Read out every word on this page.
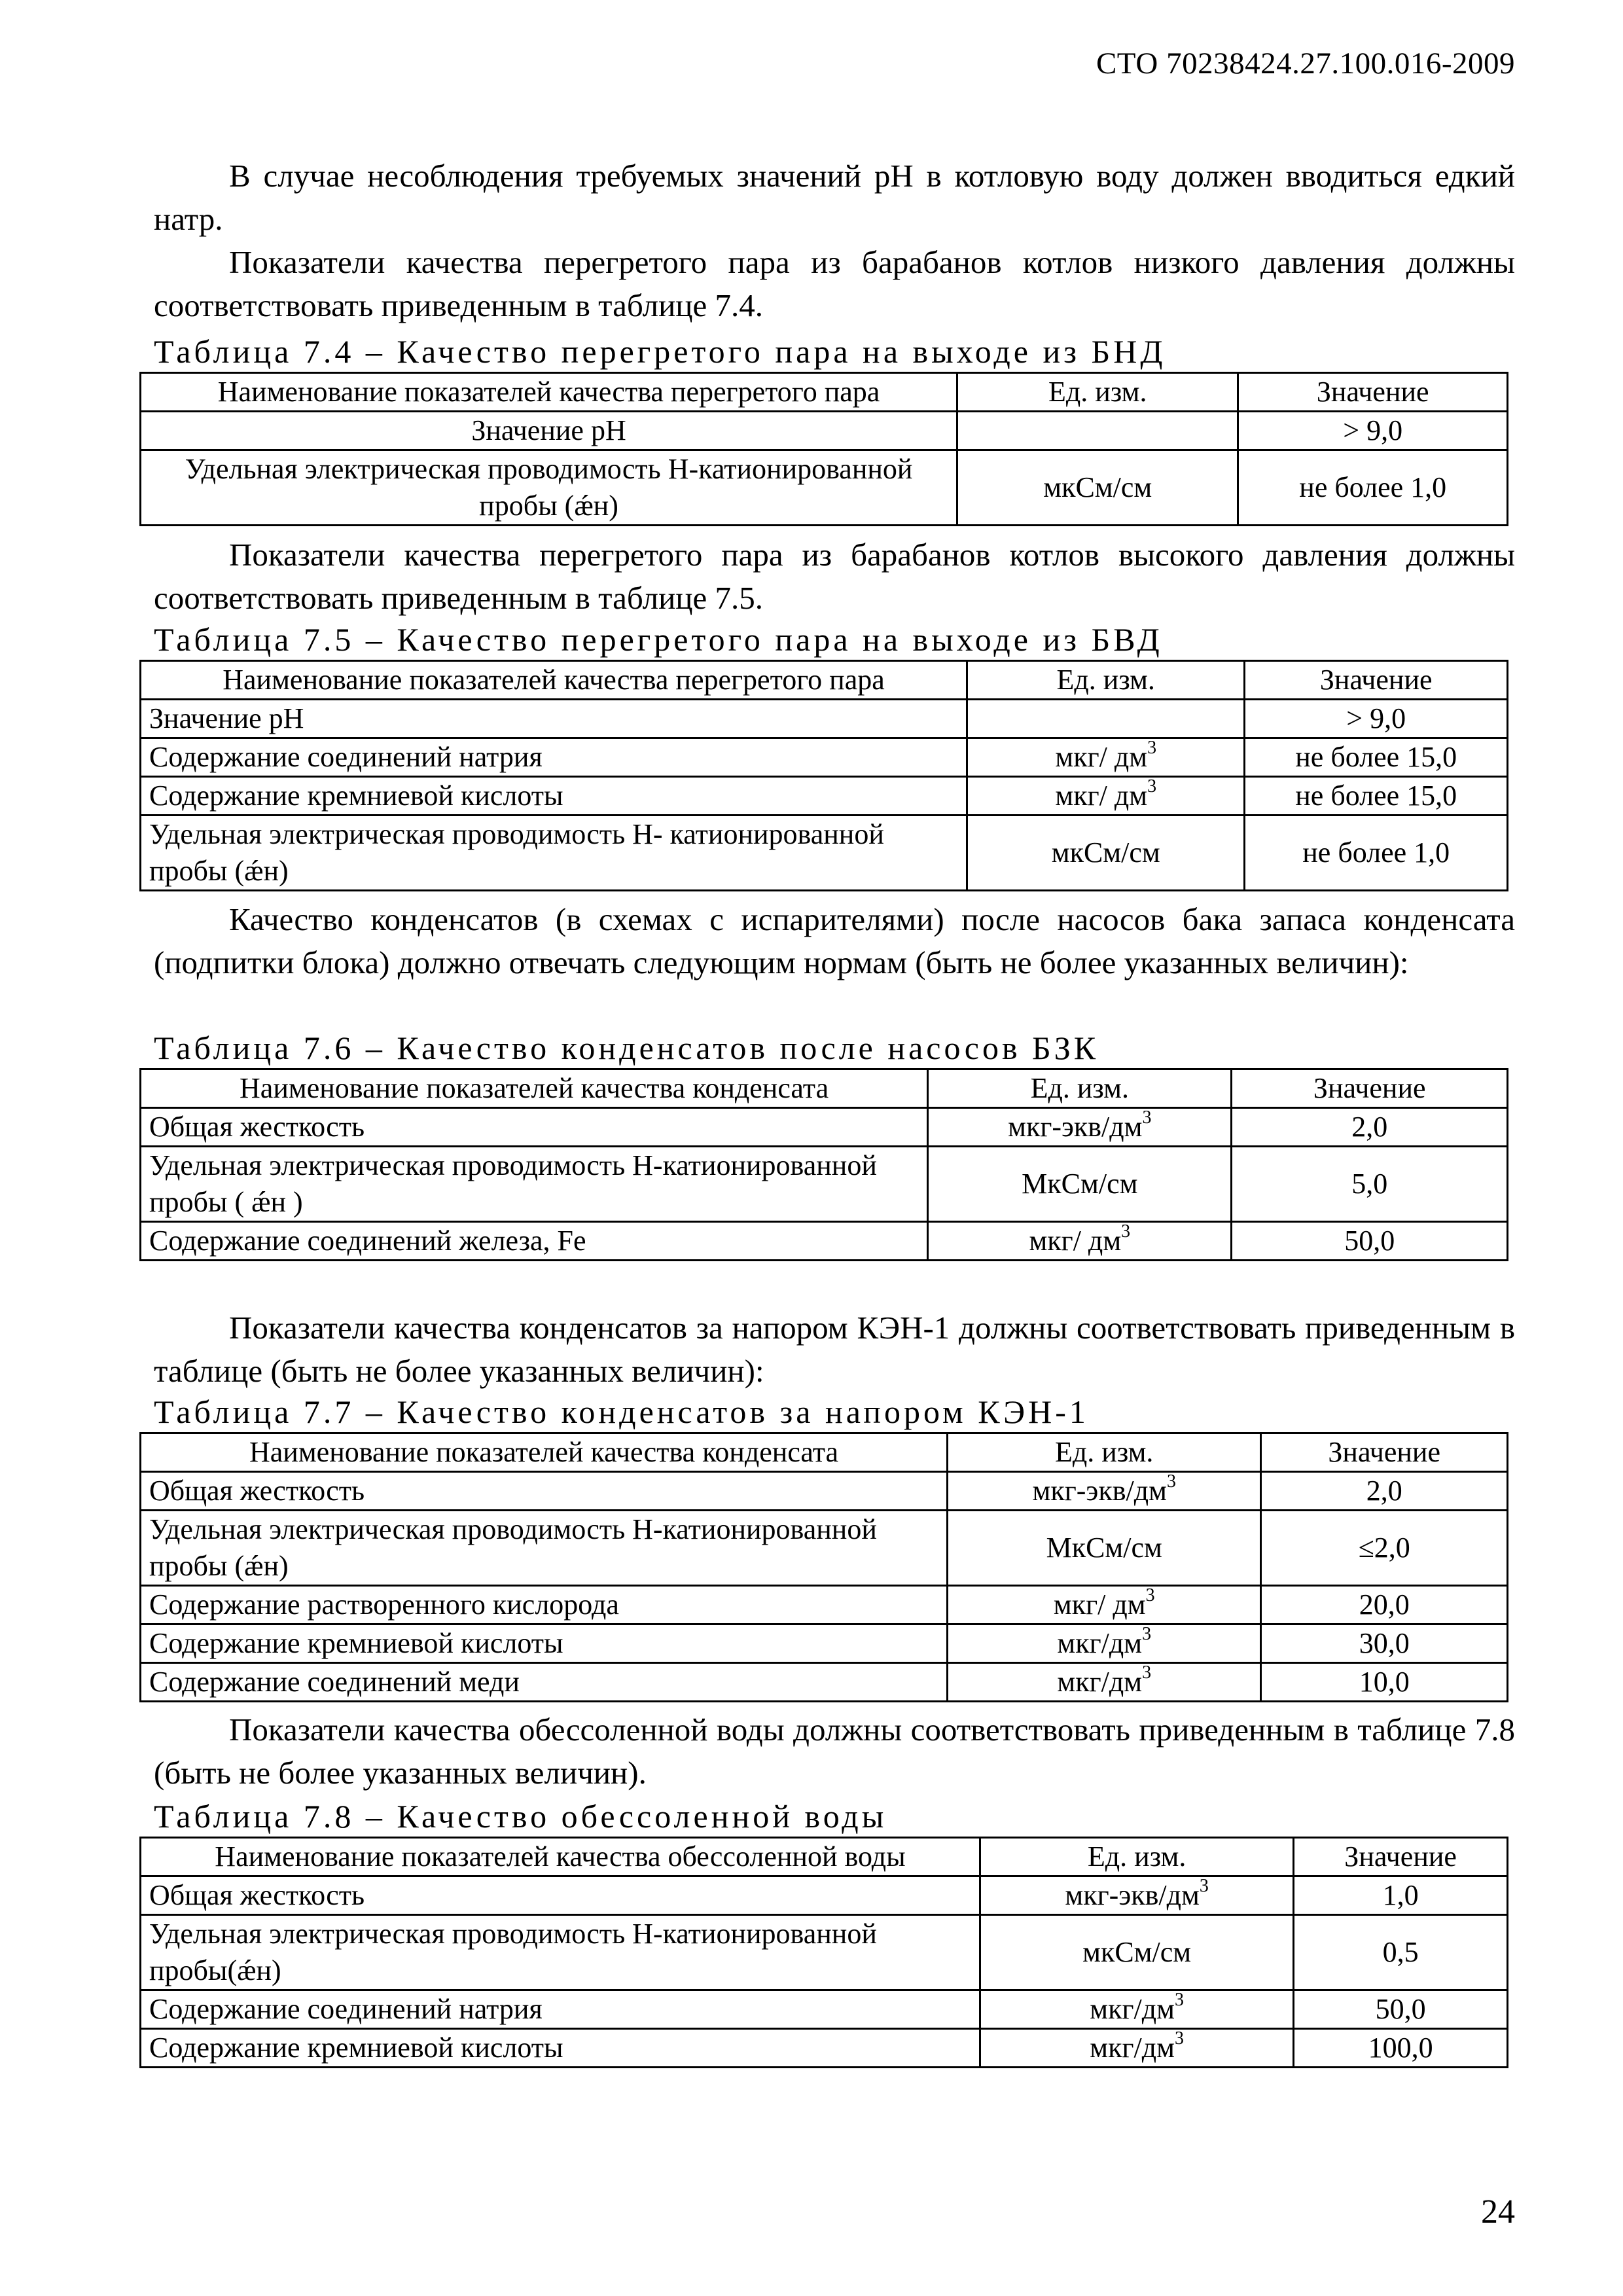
СТО 70238424.27.100.016-2009

В случае несоблюдения требуемых значений pH в котловую воду должен вводиться едкий натр.

Показатели качества перегретого пара из барабанов котлов низкого давления должны соответствовать приведенным в таблице 7.4.

Таблица 7.4 – Качество перегретого пара на выходе из БНД

Наименование показателей качества перегретого пара	Ед. изм.	Значение
Значение pH		> 9,0
Удельная электрическая проводимость Н-катионированной пробы (ǽн)	мкСм/см	не более 1,0

Показатели качества перегретого пара из барабанов котлов высокого давления должны соответствовать приведенным в таблице 7.5.

Таблица 7.5 – Качество перегретого пара на выходе из БВД

Наименование показателей качества перегретого пара	Ед. изм.	Значение
Значение pH		> 9,0
Содержание соединений натрия	мкг/ $дм^3$	не более 15,0
Содержание кремниевой кислоты	мкг/ $дм^3$	не более 15,0
Удельная электрическая проводимость Н- катионированной пробы (ǽн)	мкСм/см	не более 1,0

Качество конденсатов (в схемах с испарителями) после насосов бака запаса конденсата (подпитки блока) должно отвечать следующим нормам (быть не более указанных величин):

Таблица 7.6 – Качество конденсатов после насосов БЗК

Наименование показателей качества конденсата	Ед. изм.	Значение
Общая жесткость	мкг-$экв/дм^3$	2,0
Удельная электрическая проводимость Н-катионированной пробы ( ǽн )	МкСм/см	5,0
Содержание соединений железа, Fe	мкг/ $дм^3$	50,0

Показатели качества конденсатов за напором КЭН-1 должны соответствовать приведенным в таблице (быть не более указанных величин):

Таблица 7.7 – Качество конденсатов за напором КЭН-1

Наименование показателей качества конденсата	Ед. изм.	Значение
Общая жесткость	мкг-$экв/дм^3$	2,0
Удельная электрическая проводимость Н-катионированной пробы (ǽн)	МкСм/см	≤2,0
Содержание растворенного кислорода	мкг/ $дм^3$	20,0
Содержание кремниевой кислоты	мкг/$дм^3$	30,0
Содержание соединений меди	мкг/$дм^3$	10,0

Показатели качества обессоленной воды должны соответствовать приведенным в таблице 7.8 (быть не более указанных величин).

Таблица 7.8 – Качество обессоленной воды

Наименование показателей качества обессоленной воды	Ед. изм.	Значение
Общая жесткость	мкг-$экв/дм^3$	1,0
Удельная электрическая проводимость Н-катионированной пробы(ǽн)	мкСм/см	0,5
Содержание соединений натрия	мкг/$дм^3$	50,0
Содержание кремниевой кислоты	мкг/$дм^3$	100,0
24
